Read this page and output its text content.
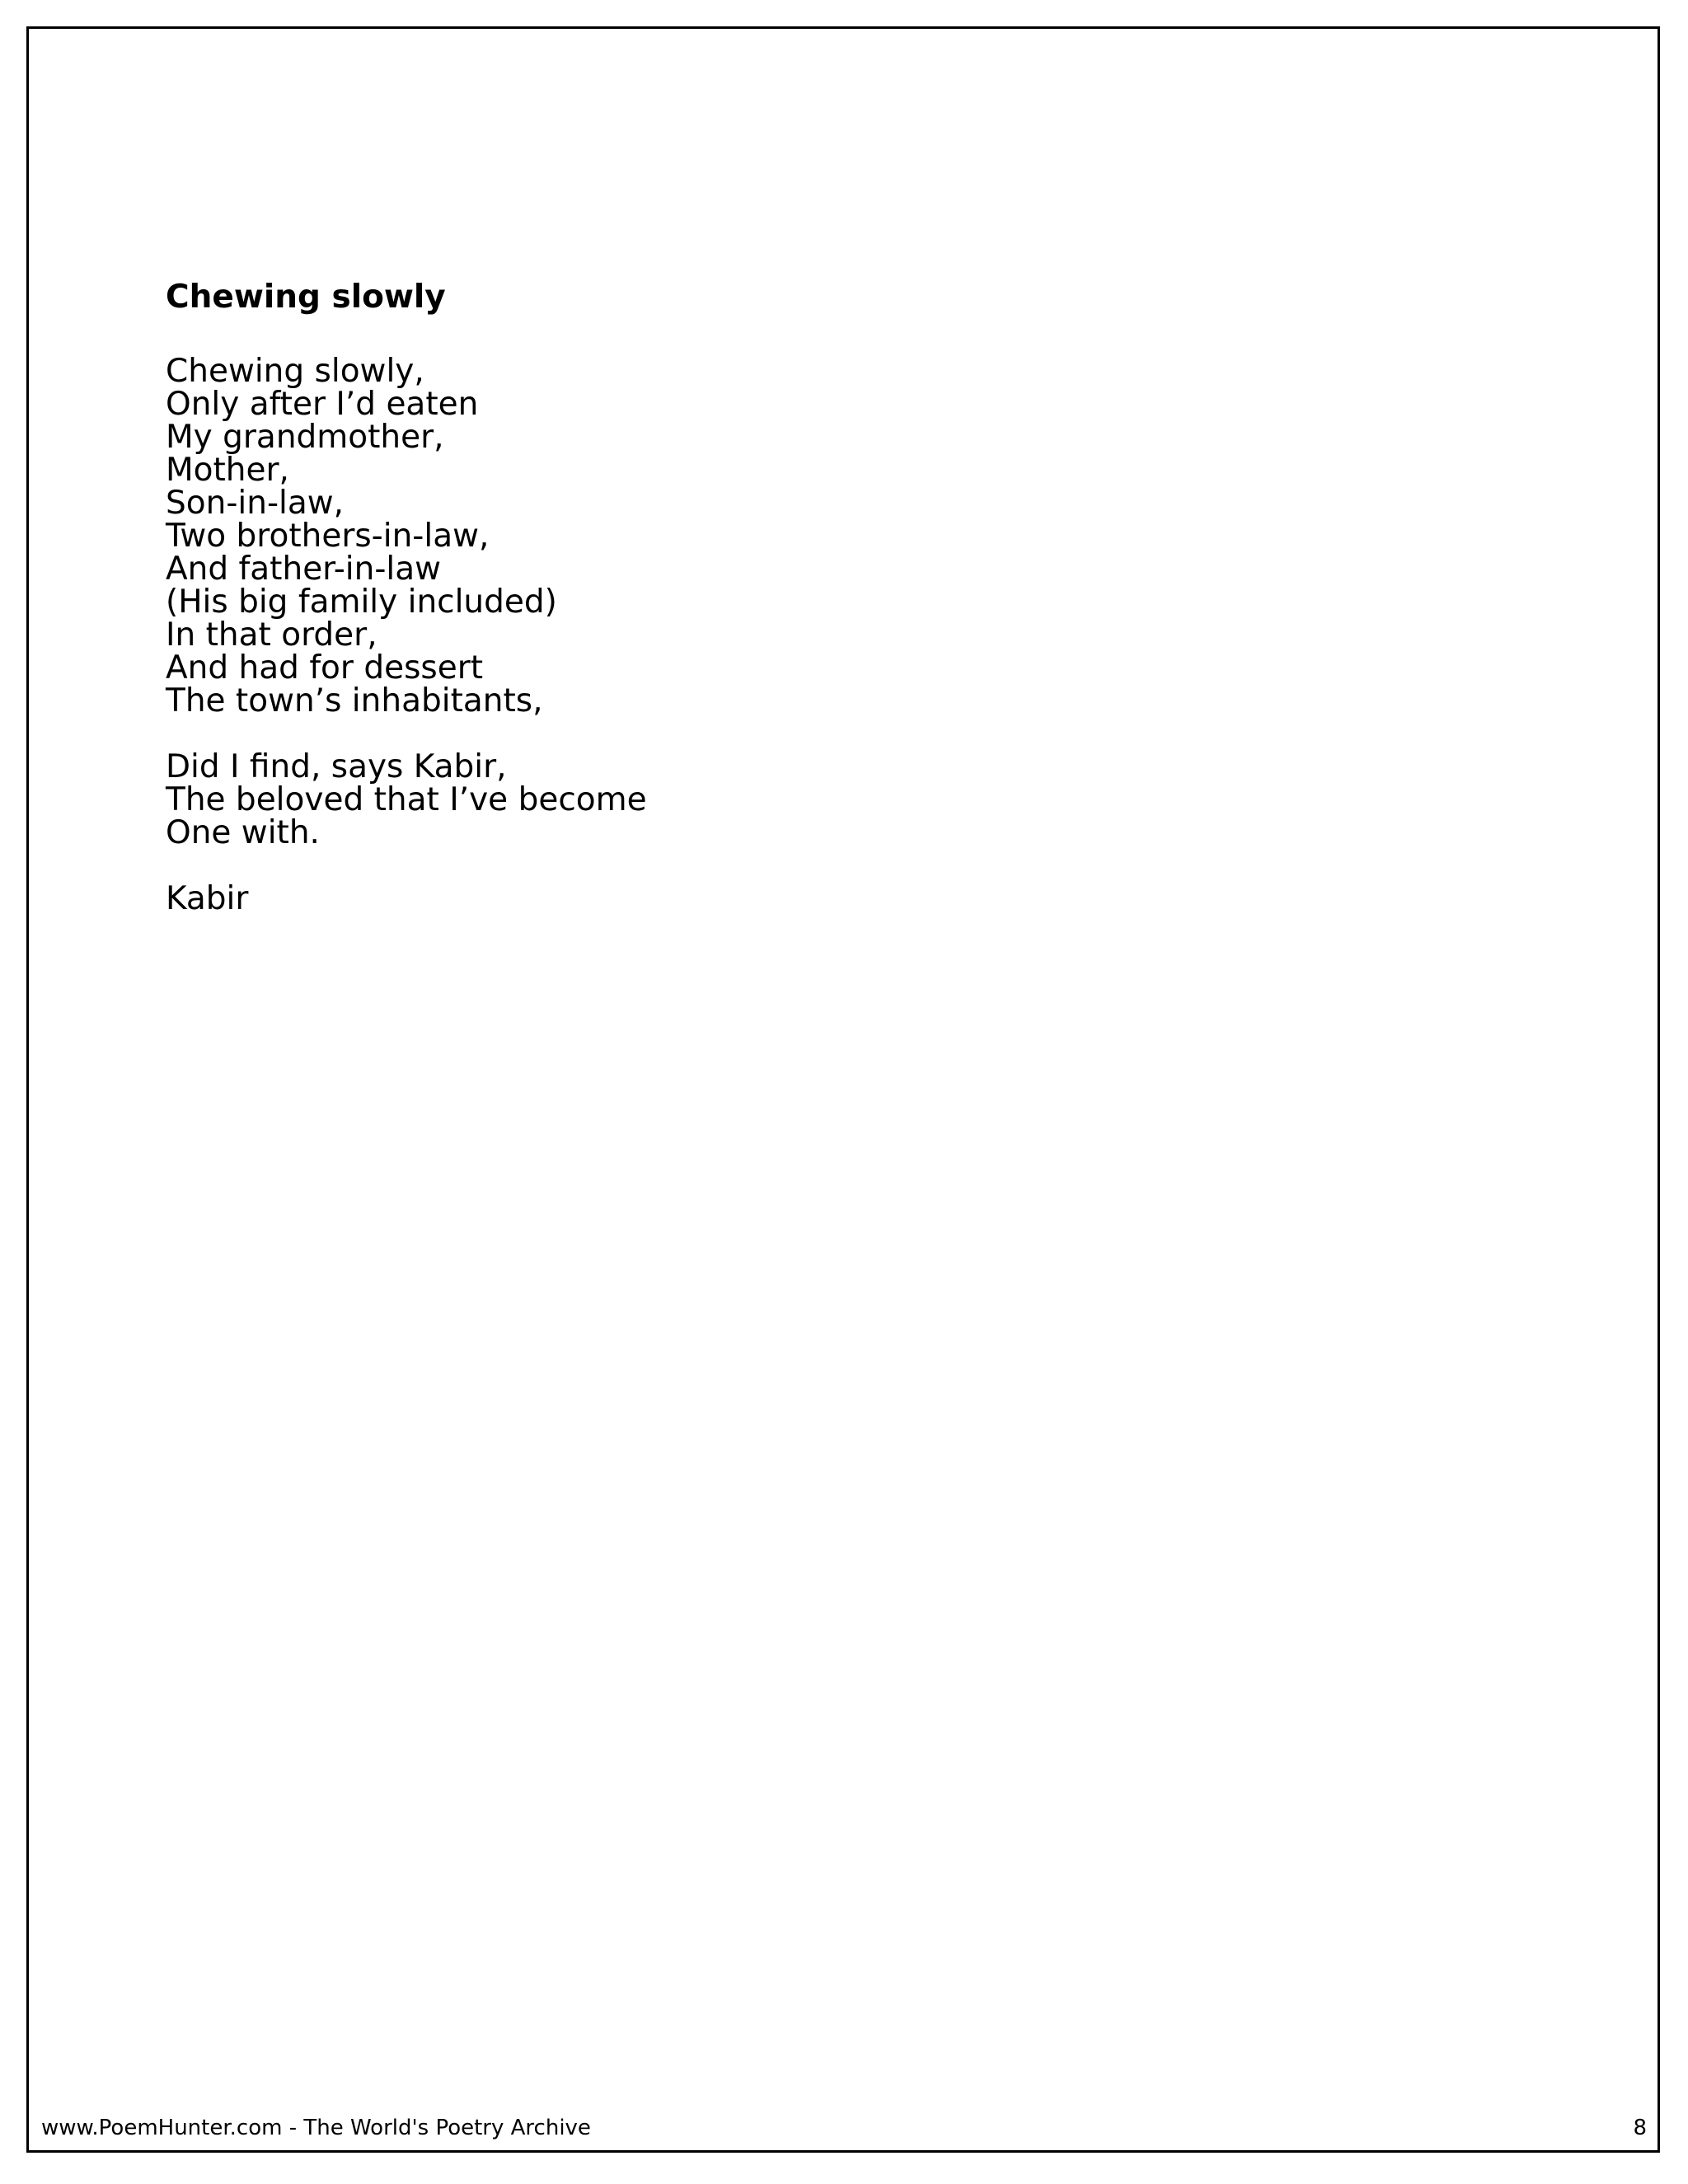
Chewing slowly

Chewing slowly,
Only after I’d eaten
My grandmother,
Mother,
Son-in-law,
Two brothers-in-law,
And father-in-law
(His big family included)
In that order,
And had for dessert
The town’s inhabitants,

Did I find, says Kabir,
The beloved that I’ve become
One with.

Kabir

www.PoemHunter.com - The World's Poetry Archive	8
